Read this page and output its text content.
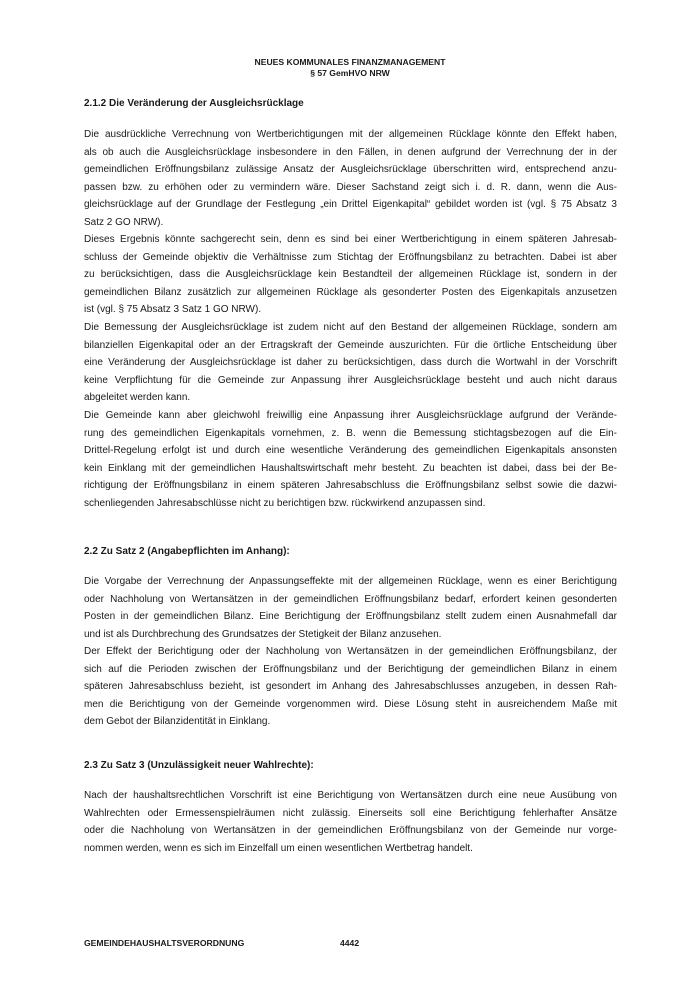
NEUES KOMMUNALES FINANZMANAGEMENT
§ 57 GemHVO NRW
2.1.2 Die Veränderung der Ausgleichsrücklage
Die ausdrückliche Verrechnung von Wertberichtigungen mit der allgemeinen Rücklage könnte den Effekt haben,
als ob auch die Ausgleichsrücklage insbesondere in den Fällen, in denen aufgrund der Verrechnung der in der
gemeindlichen Eröffnungsbilanz zulässige Ansatz der Ausgleichsrücklage überschritten wird, entsprechend anzu-
passen bzw. zu erhöhen oder zu vermindern wäre. Dieser Sachstand zeigt sich i. d. R. dann, wenn die Aus-
gleichsrücklage auf der Grundlage der Festlegung „ein Drittel Eigenkapital“ gebildet worden ist (vgl. § 75 Absatz 3
Satz 2 GO NRW).
Dieses Ergebnis könnte sachgerecht sein, denn es sind bei einer Wertberichtigung in einem späteren Jahresab-
schluss der Gemeinde objektiv die Verhältnisse zum Stichtag der Eröffnungsbilanz zu betrachten. Dabei ist aber
zu berücksichtigen, dass die Ausgleichsrücklage kein Bestandteil der allgemeinen Rücklage ist, sondern in der
gemeindlichen Bilanz zusätzlich zur allgemeinen Rücklage als gesonderter Posten des Eigenkapitals anzusetzen
ist (vgl. § 75 Absatz 3 Satz 1 GO NRW).
Die Bemessung der Ausgleichsrücklage ist zudem nicht auf den Bestand der allgemeinen Rücklage, sondern am
bilanziellen Eigenkapital oder an der Ertragskraft der Gemeinde auszurichten. Für die örtliche Entscheidung über
eine Veränderung der Ausgleichsrücklage ist daher zu berücksichtigen, dass durch die Wortwahl in der Vorschrift
keine Verpflichtung für die Gemeinde zur Anpassung ihrer Ausgleichsrücklage besteht und auch nicht daraus
abgeleitet werden kann.
Die Gemeinde kann aber gleichwohl freiwillig eine Anpassung ihrer Ausgleichsrücklage aufgrund der Verände-
rung des gemeindlichen Eigenkapitals vornehmen, z. B. wenn die Bemessung stichtagsbezogen auf die Ein-
Drittel-Regelung erfolgt ist und durch eine wesentliche Veränderung des gemeindlichen Eigenkapitals ansonsten
kein Einklang mit der gemeindlichen Haushaltswirtschaft mehr besteht. Zu beachten ist dabei, dass bei der Be-
richtigung der Eröffnungsbilanz in einem späteren Jahresabschluss die Eröffnungsbilanz selbst sowie die dazwi-
schenliegenden Jahresabschlüsse nicht zu berichtigen bzw. rückwirkend anzupassen sind.
2.2 Zu Satz 2 (Angabepflichten im Anhang):
Die Vorgabe der Verrechnung der Anpassungseffekte mit der allgemeinen Rücklage, wenn es einer Berichtigung
oder Nachholung von Wertansätzen in der gemeindlichen Eröffnungsbilanz bedarf, erfordert keinen gesonderten
Posten in der gemeindlichen Bilanz. Eine Berichtigung der Eröffnungsbilanz stellt zudem einen Ausnahmefall dar
und ist als Durchbrechung des Grundsatzes der Stetigkeit der Bilanz anzusehen.
Der Effekt der Berichtigung oder der Nachholung von Wertansätzen in der gemeindlichen Eröffnungsbilanz, der
sich auf die Perioden zwischen der Eröffnungsbilanz und der Berichtigung der gemeindlichen Bilanz in einem
späteren Jahresabschluss bezieht, ist gesondert im Anhang des Jahresabschlusses anzugeben, in dessen Rah-
men die Berichtigung von der Gemeinde vorgenommen wird. Diese Lösung steht in ausreichendem Maße mit
dem Gebot der Bilanzidentität in Einklang.
2.3 Zu Satz 3 (Unzulässigkeit neuer Wahlrechte):
Nach der haushaltsrechtlichen Vorschrift ist eine Berichtigung von Wertansätzen durch eine neue Ausübung von
Wahlrechten oder Ermessenspielräumen nicht zulässig. Einerseits soll eine Berichtigung fehlerhafter Ansätze
oder die Nachholung von Wertansätzen in der gemeindlichen Eröffnungsbilanz von der Gemeinde nur vorge-
nommen werden, wenn es sich im Einzelfall um einen wesentlichen Wertbetrag handelt.
GEMEINDEHAUSHALTSVERORDNUNG	4442
